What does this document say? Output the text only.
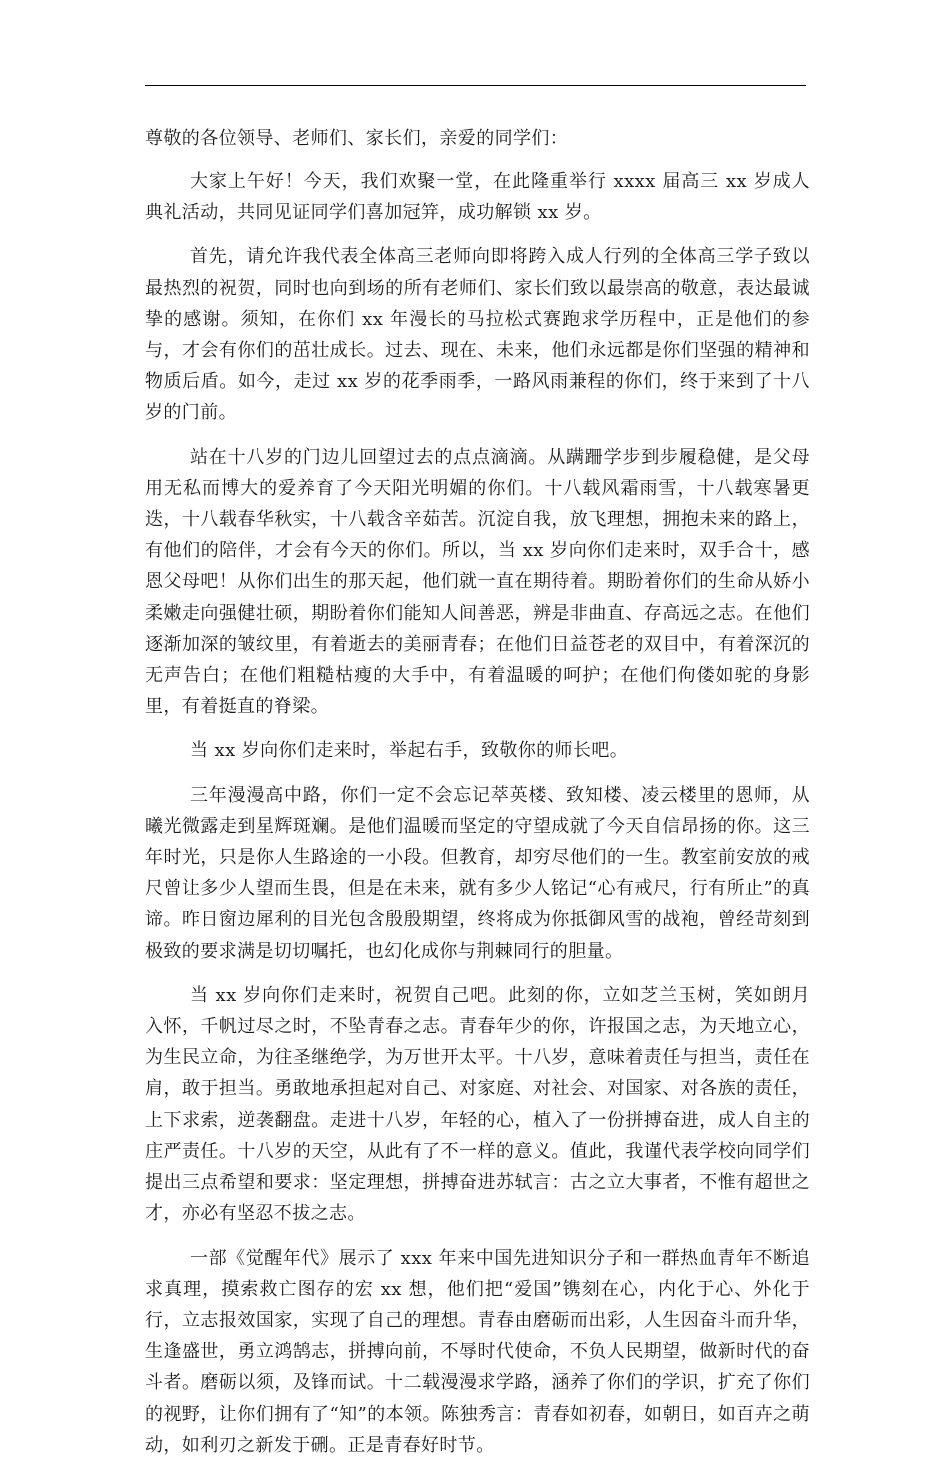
尊敬的各位领导、老师们、家长们，亲爱的同学们：

大家上午好！今天，我们欢聚一堂，在此隆重举行 xxxx 届高三 xx 岁成人典礼活动，共同见证同学们喜加冠笄，成功解锁 xx 岁。

首先，请允许我代表全体高三老师向即将跨入成人行列的全体高三学子致以最热烈的祝贺，同时也向到场的所有老师们、家长们致以最崇高的敬意，表达最诚挚的感谢。须知，在你们 xx 年漫长的马拉松式赛跑求学历程中，正是他们的参与，才会有你们的茁壮成长。过去、现在、未来，他们永远都是你们坚强的精神和物质后盾。如今，走过 xx 岁的花季雨季，一路风雨兼程的你们，终于来到了十八岁的门前。

站在十八岁的门边儿回望过去的点点滴滴。从蹒跚学步到步履稳健，是父母用无私而博大的爱养育了今天阳光明媚的你们。十八载风霜雨雪，十八载寒暑更迭，十八载春华秋实，十八载含辛茹苦。沉淀自我，放飞理想，拥抱未来的路上，有他们的陪伴，才会有今天的你们。所以，当 xx 岁向你们走来时，双手合十，感恩父母吧！从你们出生的那天起，他们就一直在期待着。期盼着你们的生命从娇小柔嫩走向强健壮硕，期盼着你们能知人间善恶，辨是非曲直、存高远之志。在他们逐渐加深的皱纹里，有着逝去的美丽青春；在他们日益苍老的双目中，有着深沉的无声告白；在他们粗糙枯瘦的大手中，有着温暖的呵护；在他们佝偻如驼的身影里，有着挺直的脊梁。

当 xx 岁向你们走来时，举起右手，致敬你的师长吧。

三年漫漫高中路，你们一定不会忘记萃英楼、致知楼、凌云楼里的恩师，从曦光微露走到星辉斑斓。是他们温暖而坚定的守望成就了今天自信昂扬的你。这三年时光，只是你人生路途的一小段。但教育，却穷尽他们的一生。教室前安放的戒尺曾让多少人望而生畏，但是在未来，就有多少人铭记“心有戒尺，行有所止”的真谛。昨日窗边犀利的目光包含殷殷期望，终将成为你抵御风雪的战袍，曾经苛刻到极致的要求满是切切嘱托，也幻化成你与荆棘同行的胆量。

当 xx 岁向你们走来时，祝贺自己吧。此刻的你，立如芝兰玉树，笑如朗月入怀，千帆过尽之时，不坠青春之志。青春年少的你，许报国之志，为天地立心，为生民立命，为往圣继绝学，为万世开太平。十八岁，意味着责任与担当，责任在肩，敢于担当。勇敢地承担起对自己、对家庭、对社会、对国家、对各族的责任，上下求索，逆袭翻盘。走进十八岁，年轻的心，植入了一份拼搏奋进，成人自主的庄严责任。十八岁的天空，从此有了不一样的意义。值此，我谨代表学校向同学们提出三点希望和要求：坚定理想，拼搏奋进苏轼言：古之立大事者，不惟有超世之才，亦必有坚忍不拔之志。

一部《觉醒年代》展示了 xxx 年来中国先进知识分子和一群热血青年不断追求真理，摸索救亡图存的宏 xx 想，他们把“爱国”镌刻在心，内化于心、外化于行，立志报效国家，实现了自己的理想。青春由磨砺而出彩，人生因奋斗而升华，生逢盛世，勇立鸿鹄志，拼搏向前，不辱时代使命，不负人民期望，做新时代的奋斗者。磨砺以须，及锋而试。十二载漫漫求学路，涵养了你们的学识，扩充了你们的视野，让你们拥有了“知”的本领。陈独秀言：青春如初春，如朝日，如百卉之萌动，如利刃之新发于硎。正是青春好时节。
